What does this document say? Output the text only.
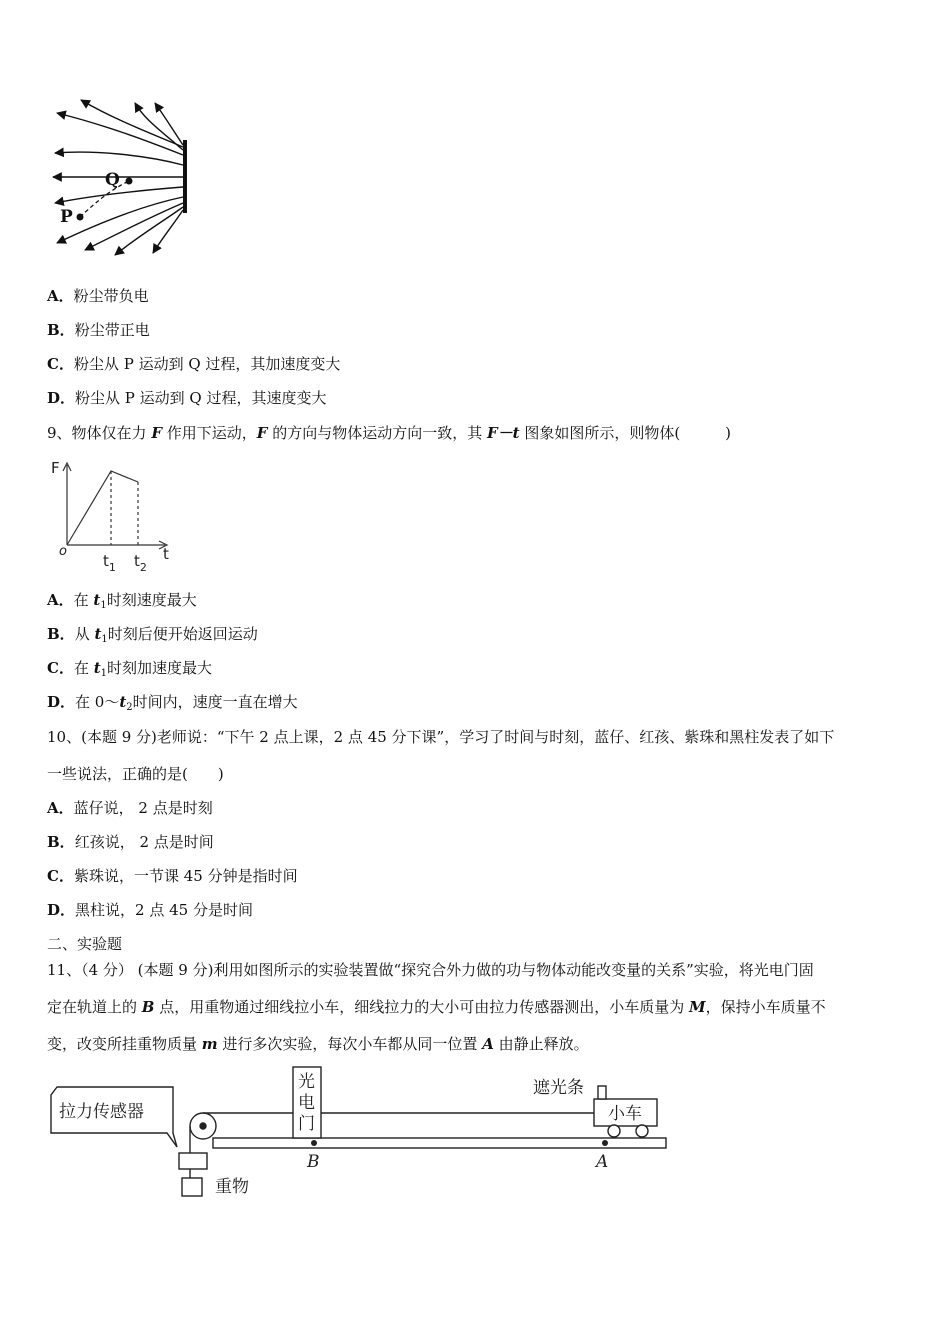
P
Q
A．粉尘带负电
B．粉尘带正电
C．粉尘从 P 运动到 Q 过程，其加速度变大
D．粉尘从 P 运动到 Q 过程，其速度变大
9、物体仅在力 F 作用下运动，F 的方向与物体运动方向一致，其 F－t 图象如图所示，则物体(　　　)
F
t
o
$t_1$ $t_2$
A．在 $t_1$时刻速度最大
B．从 $t_1$时刻后便开始返回运动
C．在 $t_1$时刻加速度最大
D．在 $0\sim t_2$时间内，速度一直在增大
10、(本题 9 分)老师说：“下午 2 点上课，2 点 45 分下课”，学习了时间与时刻，蓝仔、红孩、紫珠和黑柱发表了如下
一些说法，正确的是(　　)
A．蓝仔说， 2 点是时刻
B．红孩说， 2 点是时间
C．紫珠说，一节课 45 分钟是指时间
D．黑柱说，2 点 45 分是时间
二、实验题
11、（4 分） (本题 9 分)利用如图所示的实验装置做“探究合外力做的功与物体动能改变量的关系”实验，将光电门固
定在轨道上的 B 点，用重物通过细线拉小车，细线拉力的大小可由拉力传感器测出，小车质量为 M，保持小车质量不
变，改变所挂重物质量 m 进行多次实验，每次小车都从同一位置 A 由静止释放。
拉力传感器
光
电
门
遮光条
小车
重物
B	A
